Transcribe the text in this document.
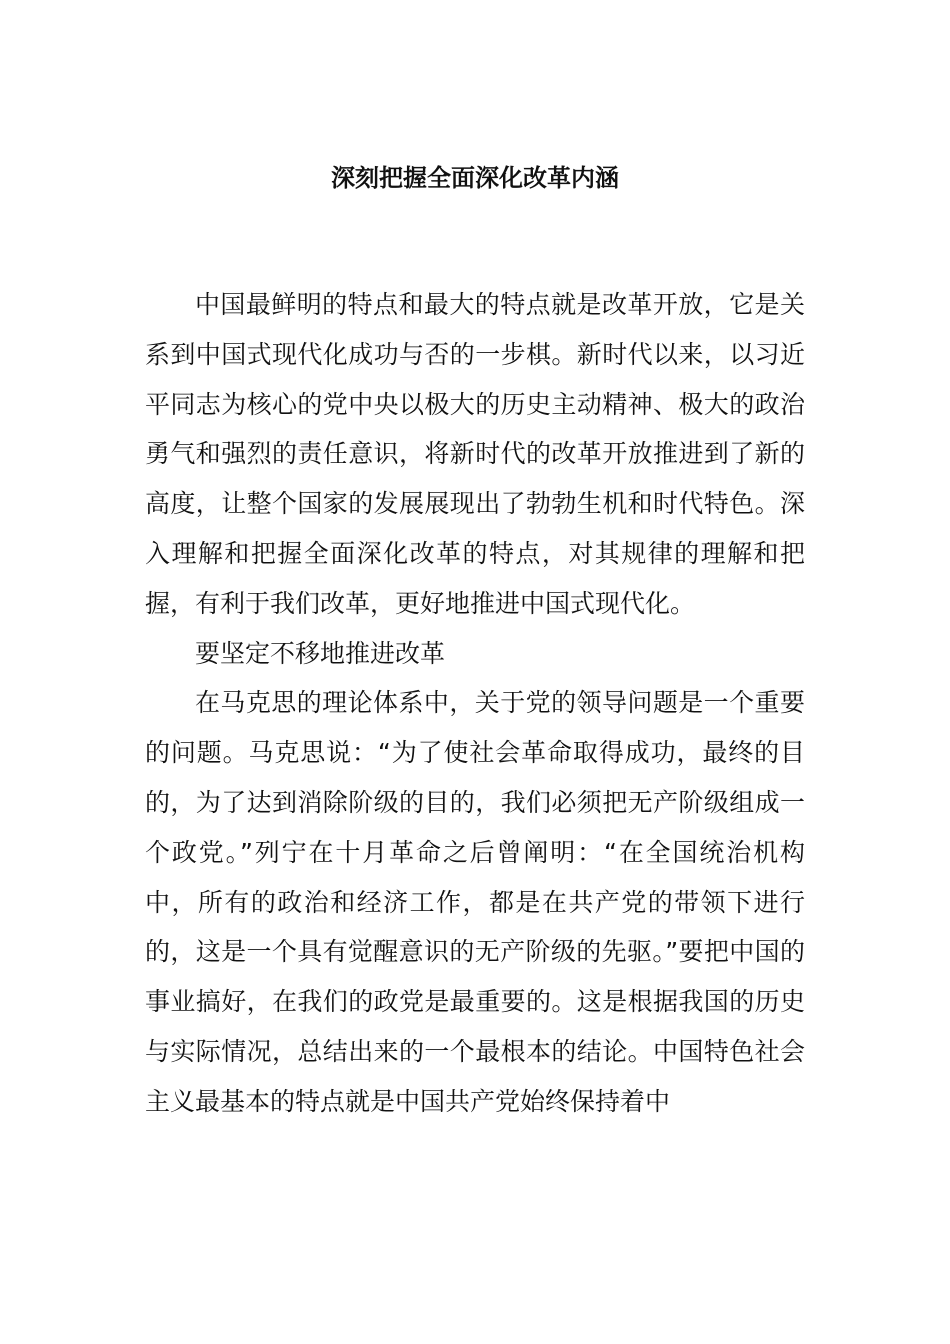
深刻把握全面深化改革内涵

中国最鲜明的特点和最大的特点就是改革开放，它是关系到中国式现代化成功与否的一步棋。新时代以来，以习近平同志为核心的党中央以极大的历史主动精神、极大的政治勇气和强烈的责任意识，将新时代的改革开放推进到了新的高度，让整个国家的发展展现出了勃勃生机和时代特色。深入理解和把握全面深化改革的特点，对其规律的理解和把握，有利于我们改革，更好地推进中国式现代化。

要坚定不移地推进改革

在马克思的理论体系中，关于党的领导问题是一个重要的问题。马克思说：“为了使社会革命取得成功，最终的目的，为了达到消除阶级的目的，我们必须把无产阶级组成一个政党。”列宁在十月革命之后曾阐明：“在全国统治机构中，所有的政治和经济工作，都是在共产党的带领下进行的，这是一个具有觉醒意识的无产阶级的先驱。”要把中国的事业搞好，在我们的政党是最重要的。这是根据我国的历史与实际情况，总结出来的一个最根本的结论。中国特色社会主义最基本的特点就是中国共产党始终保持着中
